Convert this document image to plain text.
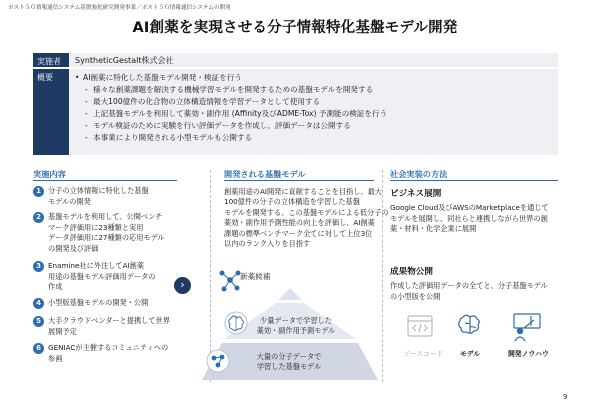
ポスト５Ｇ情報通信システム基盤強化研究開発事業／ポスト５Ｇ情報通信システムの開発
AI創薬を実現させる分子情報特化基盤モデル開発
実施者	SyntheticGestalt株式会社
概要	• AI創薬に特化した基盤モデル開発・検証を行う
- 様々な創薬課題を解決する機械学習モデルを開発するための基盤モデルを開発する
- 最大100億件の化合物の立体構造情報を学習データとして使用する
- 上記基盤モデルを利用して薬効・副作用 (Affinity及びADME-Tox) 予測能の検証を行う
- モデル検証のために実験を行い評価データを作成し、評価データは公開する
- 本事業により開発される小型モデルも公開する
実施内容
1 分子の立体情報に特化した基盤
モデルの開発
2 基盤モデルを利用して、公開ベンチ
マーク評価用に23種類と実用
データ評価用に27種類の応用モデル
の開発及び評価
3 Enamine社に外注してAI創薬
用途の基盤モデル評価用データの
作成
4 小型版基盤モデルの開発・公開
5 大手クラウドベンダーと提携して世界
展開予定
6 GENIACが主催するコミュニティへの
参画
›
開発される基盤モデル
創薬用途のAI開発に貢献することを目指し、最大
100億件の分子の立体構造を学習した基盤
モデルを開発する。この基盤モデルによる低分子の
薬効・副作用予測性能の向上を評価し、AI創薬
課題の標準ベンチマーク全てに対して上位3位
以内のランク入りを目指す
新薬候補
少量データで学習した
薬効・副作用予測モデル
大量の分子データで
学習した基盤モデル
社会実装の方法
ビジネス展開
Google Cloud及びAWSのMarketplaceを通じて
モデルを展開し、同社らと連携しながら世界の創
薬・材料・化学企業に展開
成果物公開
作成した評価用データの全てと、分子基盤モデル
の小型版を公開
ソースコード モデル	開発ノウハウ
9
